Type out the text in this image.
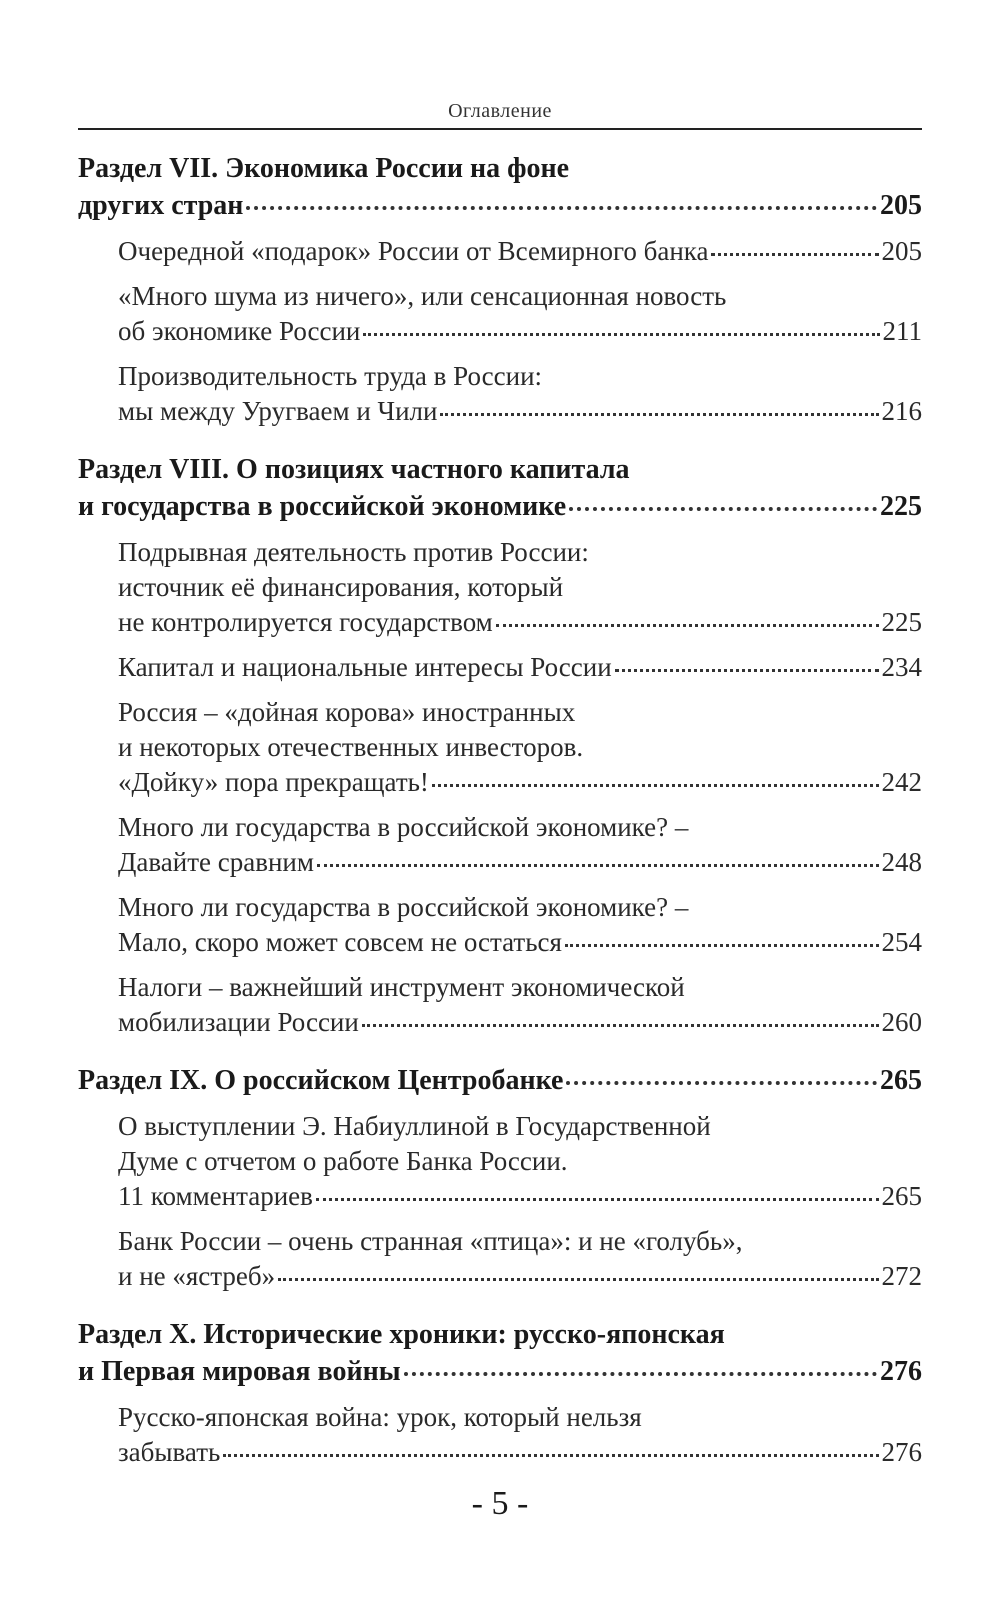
Оглавление
Раздел VII. Экономика России на фоне
других стран	205
Очередной «подарок» России от Всемирного банка	205
«Много шума из ничего», или сенсационная новость
об экономике России	211
Производительность труда в России:
мы между Уругваем и Чили	216
Раздел VIII. О позициях частного капитала
и государства в российской экономике	225
Подрывная деятельность против России:
источник её финансирования, который
не контролируется государством	225
Капитал и национальные интересы России	234
Россия – «дойная корова» иностранных
и некоторых отечественных инвесторов.
«Дойку» пора прекращать!	242
Много ли государства в российской экономике? –
Давайте сравним	248
Много ли государства в российской экономике? –
Мало, скоро может совсем не остаться	254
Налоги – важнейший инструмент экономической
мобилизации России	260
Раздел IX. О российском Центробанке	265
О выступлении Э. Набиуллиной в Государственной
Думе с отчетом о работе Банка России.
11 комментариев	265
Банк России – очень странная «птица»: и не «голубь»,
и не «ястреб»	272
Раздел X. Исторические хроники: русско-японская
и Первая мировая войны	276
Русско-японская война: урок, который нельзя
забывать	276
- 5 -
